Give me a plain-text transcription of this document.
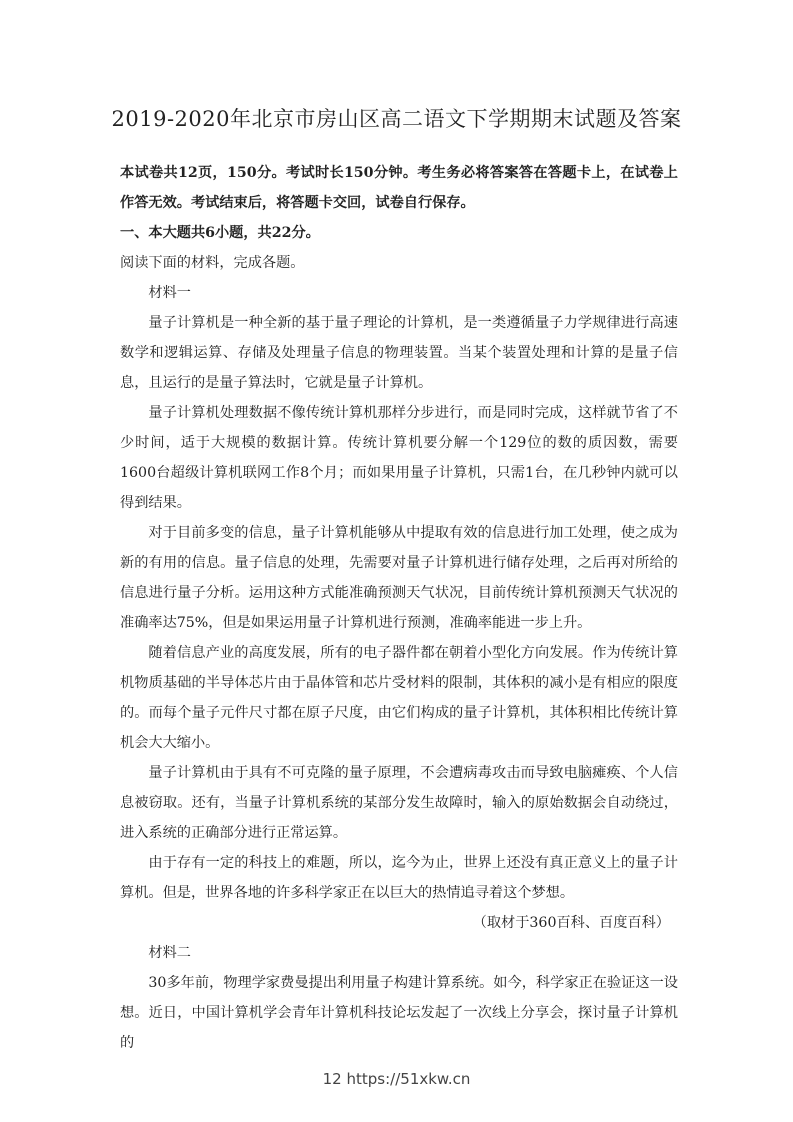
2019-2020年北京市房山区高二语文下学期期末试题及答案

本试卷共12页，150分。考试时长150分钟。考生务必将答案答在答题卡上，在试卷上作答无效。考试结束后，将答题卡交回，试卷自行保存。

一、本大题共6小题，共22分。

阅读下面的材料，完成各题。

材料一

量子计算机是一种全新的基于量子理论的计算机，是一类遵循量子力学规律进行高速数学和逻辑运算、存储及处理量子信息的物理装置。当某个装置处理和计算的是量子信息，且运行的是量子算法时，它就是量子计算机。

量子计算机处理数据不像传统计算机那样分步进行，而是同时完成，这样就节省了不少时间，适于大规模的数据计算。传统计算机要分解一个129位的数的质因数，需要1600台超级计算机联网工作8个月；而如果用量子计算机，只需1台，在几秒钟内就可以得到结果。

对于目前多变的信息，量子计算机能够从中提取有效的信息进行加工处理，使之成为新的有用的信息。量子信息的处理，先需要对量子计算机进行储存处理，之后再对所给的信息进行量子分析。运用这种方式能准确预测天气状况，目前传统计算机预测天气状况的准确率达75%，但是如果运用量子计算机进行预测，准确率能进一步上升。

随着信息产业的高度发展，所有的电子器件都在朝着小型化方向发展。作为传统计算机物质基础的半导体芯片由于晶体管和芯片受材料的限制，其体积的减小是有相应的限度的。而每个量子元件尺寸都在原子尺度，由它们构成的量子计算机，其体积相比传统计算机会大大缩小。

量子计算机由于具有不可克隆的量子原理，不会遭病毒攻击而导致电脑瘫痪、个人信息被窃取。还有，当量子计算机系统的某部分发生故障时，输入的原始数据会自动绕过，进入系统的正确部分进行正常运算。

由于存有一定的科技上的难题，所以，迄今为止，世界上还没有真正意义上的量子计算机。但是，世界各地的许多科学家正在以巨大的热情追寻着这个梦想。

（取材于360百科、百度百科）

材料二

30多年前，物理学家费曼提出利用量子构建计算系统。如今，科学家正在验证这一设想。近日，中国计算机学会青年计算机科技论坛发起了一次线上分享会，探讨量子计算机的

12 https://51xkw.cn
